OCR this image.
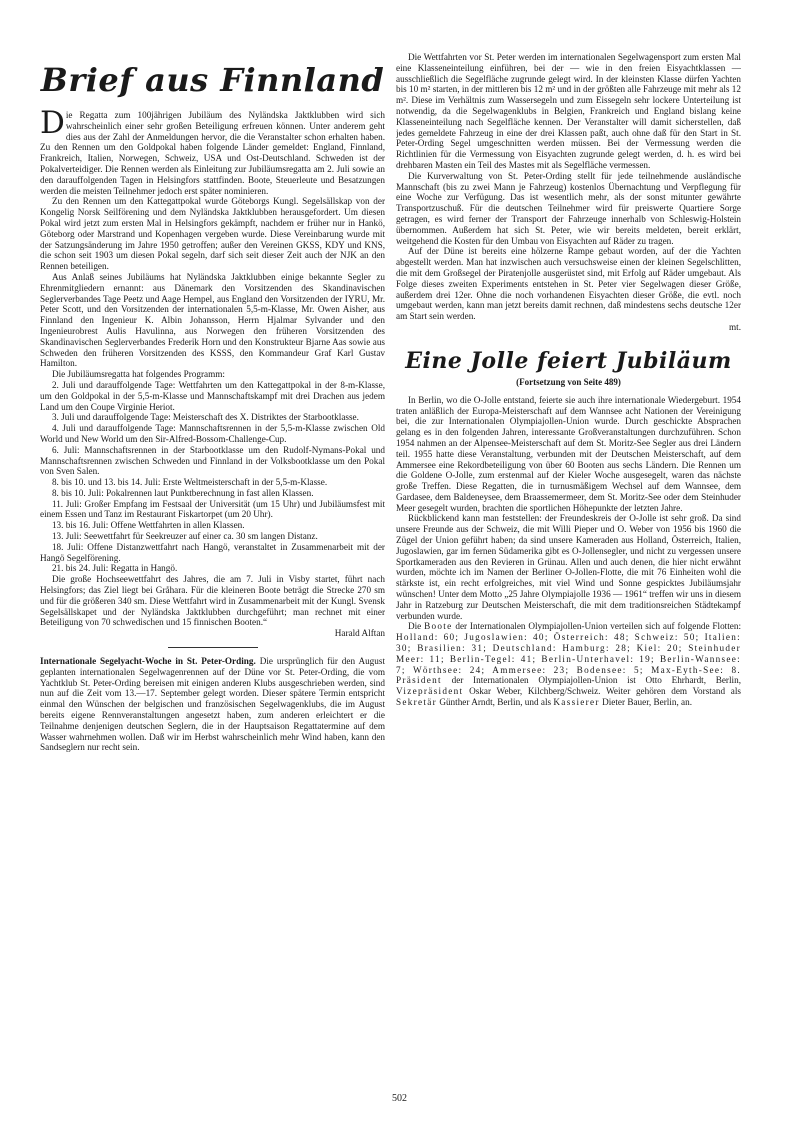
Brief aus Finnland

Die Regatta zum 100jährigen Jubiläum des Nyländska Jaktklubben wird sich wahrscheinlich einer sehr großen Beteiligung erfreuen können. Unter anderem geht dies aus der Zahl der Anmeldungen hervor, die die Veranstalter schon erhalten haben. Zu den Rennen um den Goldpokal haben folgende Länder gemeldet: England, Finnland, Frankreich, Italien, Norwegen, Schweiz, USA und Ost-Deutschland. Schweden ist der Pokalverteidiger. Die Rennen werden als Einleitung zur Jubiläumsregatta am 2. Juli sowie an den darauffolgenden Tagen in Helsingfors stattfinden. Boote, Steuerleute und Besatzungen werden die meisten Teilnehmer jedoch erst später nominieren.

Zu den Rennen um den Kattegattpokal wurde Göteborgs Kungl. Segelsällskap von der Kongelig Norsk Seilförening und dem Nyländska Jaktklubben herausgefordert. Um diesen Pokal wird jetzt zum ersten Mal in Helsingfors gekämpft, nachdem er früher nur in Hankö, Göteborg oder Marstrand und Kopenhagen vergeben wurde. Diese Vereinbarung wurde mit der Satzungsänderung im Jahre 1950 getroffen; außer den Vereinen GKSS, KDY und KNS, die schon seit 1903 um diesen Pokal segeln, darf sich seit dieser Zeit auch der NJK an den Rennen beteiligen.

Aus Anlaß seines Jubiläums hat Nyländska Jaktklubben einige bekannte Segler zu Ehrenmitgliedern ernannt: aus Dänemark den Vorsitzenden des Skandinavischen Seglerverbandes Tage Peetz und Aage Hempel, aus England den Vorsitzenden der IYRU, Mr. Peter Scott, und den Vorsitzenden der internationalen 5,5-m-Klasse, Mr. Owen Aisher, aus Finnland den Ingenieur K. Albin Johansson, Herrn Hjalmar Sylvander und den Ingenieurobrest Aulis Havulinna, aus Norwegen den früheren Vorsitzenden des Skandinavischen Seglerverbandes Frederik Horn und den Konstrukteur Bjarne Aas sowie aus Schweden den früheren Vorsitzenden des KSSS, den Kommandeur Graf Karl Gustav Hamilton.

Die Jubiläumsregatta hat folgendes Programm:

2. Juli und darauffolgende Tage: Wettfahrten um den Kattegattpokal in der 8-m-Klasse, um den Goldpokal in der 5,5-m-Klasse und Mannschaftskampf mit drei Drachen aus jedem Land um den Coupe Virginie Heriot.

3. Juli und darauffolgende Tage: Meisterschaft des X. Distriktes der Starbootklasse.

4. Juli und darauffolgende Tage: Mannschaftsrennen in der 5,5-m-Klasse zwischen Old World und New World um den Sir-Alfred-Bossom-Challenge-Cup.

6. Juli: Mannschaftsrennen in der Starbootklasse um den Rudolf-Nymans-Pokal und Mannschaftsrennen zwischen Schweden und Finnland in der Volksbootklasse um den Pokal von Sven Salen.

8. bis 10. und 13. bis 14. Juli: Erste Weltmeisterschaft in der 5,5-m-Klasse.

8. bis 10. Juli: Pokalrennen laut Punktberechnung in fast allen Klassen.

11. Juli: Großer Empfang im Festsaal der Universität (um 15 Uhr) und Jubiläumsfest mit einem Essen und Tanz im Restaurant Fiskartorpet (um 20 Uhr).

13. bis 16. Juli: Offene Wettfahrten in allen Klassen.

13. Juli: Seewettfahrt für Seekreuzer auf einer ca. 30 sm langen Distanz.

18. Juli: Offene Distanzwettfahrt nach Hangö, veranstaltet in Zusammenarbeit mit der Hangö Segelförening.

21. bis 24. Juli: Regatta in Hangö.

Die große Hochseewettfahrt des Jahres, die am 7. Juli in Visby startet, führt nach Helsingfors; das Ziel liegt bei Gråhara. Für die kleineren Boote beträgt die Strecke 270 sm und für die größeren 340 sm. Diese Wettfahrt wird in Zusammenarbeit mit der Kungl. Svensk Segelsällskapet und der Nyländska Jaktklubben durchgeführt; man rechnet mit einer Beteiligung von 70 schwedischen und 15 finnischen Booten.“

Harald Alftan

Internationale Segelyacht-Woche in St. Peter-Ording. Die ursprünglich für den August geplanten internationalen Segelwagenrennen auf der Düne vor St. Peter-Ording, die vom Yachtklub St. Peter-Ording bereisen mit einigen anderen Klubs ausgeschrieben werden, sind nun auf die Zeit vom 13.—17. September gelegt worden. Dieser spätere Termin entspricht einmal den Wünschen der belgischen und französischen Segelwagenklubs, die im August bereits eigene Rennveranstaltungen angesetzt haben, zum anderen erleichtert er die Teilnahme denjenigen deutschen Seglern, die in der Hauptsaison Regattatermine auf dem Wasser wahrnehmen wollen. Daß wir im Herbst wahrscheinlich mehr Wind haben, kann den Sandseglern nur recht sein.

Die Wettfahrten vor St. Peter werden im internationalen Segelwagensport zum ersten Mal eine Klasseneinteilung einführen, bei der — wie in den freien Eisyachtklassen — ausschließlich die Segelfläche zugrunde gelegt wird. In der kleinsten Klasse dürfen Yachten bis 10 m² starten, in der mittleren bis 12 m² und in der größten alle Fahrzeuge mit mehr als 12 m². Diese im Verhältnis zum Wassersegeln und zum Eissegeln sehr lockere Unterteilung ist notwendig, da die Segelwagenklubs in Belgien, Frankreich und England bislang keine Klasseneinteilung nach Segelfläche kennen. Der Veranstalter will damit sicherstellen, daß jedes gemeldete Fahrzeug in eine der drei Klassen paßt, auch ohne daß für den Start in St. Peter-Ording Segel umgeschnitten werden müssen. Bei der Vermessung werden die Richtlinien für die Vermessung von Eisyachten zugrunde gelegt werden, d. h. es wird bei drehbaren Masten ein Teil des Mastes mit als Segelfläche vermessen.

Die Kurverwaltung von St. Peter-Ording stellt für jede teilnehmende ausländische Mannschaft (bis zu zwei Mann je Fahrzeug) kostenlos Übernachtung und Verpflegung für eine Woche zur Verfügung. Das ist wesentlich mehr, als der sonst mitunter gewährte Transportzuschuß. Für die deutschen Teilnehmer wird für preiswerte Quartiere Sorge getragen, es wird ferner der Transport der Fahrzeuge innerhalb von Schleswig-Holstein übernommen. Außerdem hat sich St. Peter, wie wir bereits meldeten, bereit erklärt, weitgehend die Kosten für den Umbau von Eisyachten auf Räder zu tragen.

Auf der Düne ist bereits eine hölzerne Rampe gebaut worden, auf der die Yachten abgestellt werden. Man hat inzwischen auch versuchsweise einen der kleinen Segelschlitten, die mit dem Großsegel der Piratenjolle ausgerüstet sind, mit Erfolg auf Räder umgebaut. Als Folge dieses zweiten Experiments entstehen in St. Peter vier Segelwagen dieser Größe, außerdem drei 12er. Ohne die noch vorhandenen Eisyachten dieser Größe, die evtl. noch umgebaut werden, kann man jetzt bereits damit rechnen, daß mindestens sechs deutsche 12er am Start sein werden.

mt.
Eine Jolle feiert Jubiläum
(Fortsetzung von Seite 489)

In Berlin, wo die O-Jolle entstand, feierte sie auch ihre internationale Wiedergeburt. 1954 traten anläßlich der Europa-Meisterschaft auf dem Wannsee acht Nationen der Vereinigung bei, die zur Internationalen Olympiajollen-Union wurde. Durch geschickte Absprachen gelang es in den folgenden Jahren, interessante Großveranstaltungen durchzuführen. Schon 1954 nahmen an der Alpensee-Meisterschaft auf dem St. Moritz-See Segler aus drei Ländern teil. 1955 hatte diese Veranstaltung, verbunden mit der Deutschen Meisterschaft, auf dem Ammersee eine Rekordbeteiligung von über 60 Booten aus sechs Ländern. Die Rennen um die Goldene O-Jolle, zum erstenmal auf der Kieler Woche ausgesegelt, waren das nächste große Treffen. Diese Regatten, die in turnusmäßigem Wechsel auf dem Wannsee, dem Gardasee, dem Baldeneysee, dem Braassemermeer, dem St. Moritz-See oder dem Steinhuder Meer gesegelt wurden, brachten die sportlichen Höhepunkte der letzten Jahre.

Rückblickend kann man feststellen: der Freundeskreis der O-Jolle ist sehr groß. Da sind unsere Freunde aus der Schweiz, die mit Willi Pieper und O. Weber von 1956 bis 1960 die Zügel der Union geführt haben; da sind unsere Kameraden aus Holland, Österreich, Italien, Jugoslawien, gar im fernen Südamerika gibt es O-Jollensegler, und nicht zu vergessen unsere Sportkameraden aus den Revieren in Grünau. Allen und auch denen, die hier nicht erwähnt wurden, möchte ich im Namen der Berliner O-Jollen-Flotte, die mit 76 Einheiten wohl die stärkste ist, ein recht erfolgreiches, mit viel Wind und Sonne gespicktes Jubiläumsjahr wünschen! Unter dem Motto „25 Jahre Olympiajolle 1936 — 1961“ treffen wir uns in diesem Jahr in Ratzeburg zur Deutschen Meisterschaft, die mit dem traditionsreichen Städtekampf verbunden wurde.

Die Boote der Internationalen Olympiajollen-Union verteilen sich auf folgende Flotten: Holland: 60; Jugoslawien: 40; Österreich: 48; Schweiz: 50; Italien: 30; Brasilien: 31; Deutschland: Hamburg: 28; Kiel: 20; Steinhuder Meer: 11; Berlin-Tegel: 41; Berlin-Unterhavel: 19; Berlin-Wannsee: 7; Wörthsee: 24; Ammersee: 23; Bodensee: 5; Max-Eyth-See: 8. Präsident der Internationalen Olympiajollen-Union ist Otto Ehrhardt, Berlin, Vizepräsident Oskar Weber, Kilchberg/Schweiz. Weiter gehören dem Vorstand als Sekretär Günther Arndt, Berlin, und als Kassierer Dieter Bauer, Berlin, an.

502
